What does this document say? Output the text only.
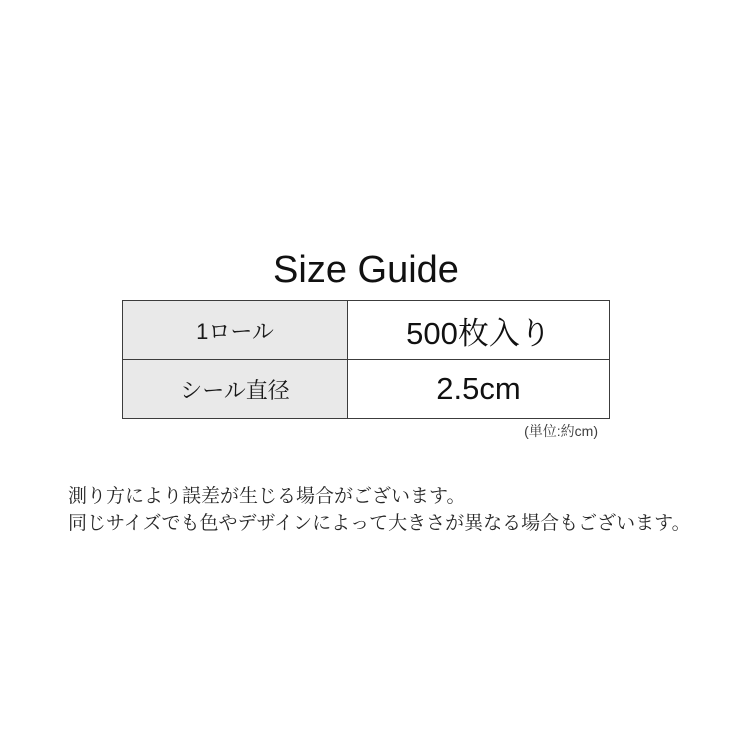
Size Guide
1ロール	500枚入り
シール直径	2.5cm
(単位:約cm)
測り方により誤差が生じる場合がございます。
同じサイズでも色やデザインによって大きさが異なる場合もございます。
